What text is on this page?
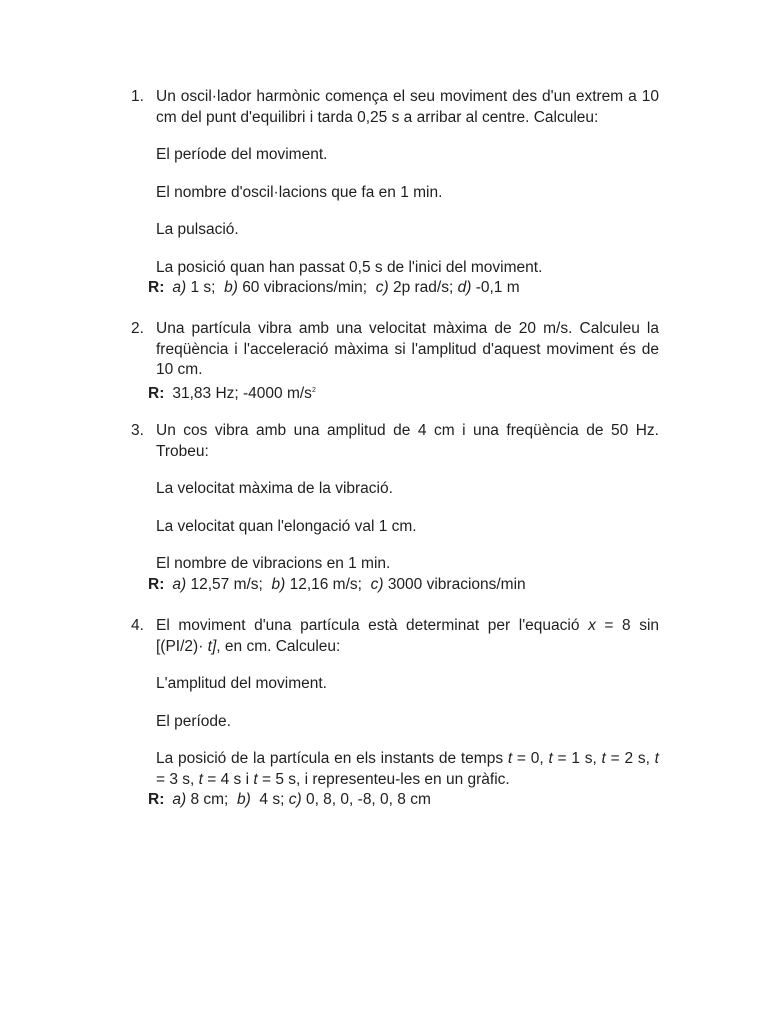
1. Un oscil·lador harmònic comença el seu moviment des d'un extrem a 10 cm del punt d'equilibri i tarda 0,25 s a arribar al centre. Calculeu:
El període del moviment.
El nombre d'oscil·lacions que fa en 1 min.
La pulsació.
La posició quan han passat 0,5 s de l'inici del moviment.
R: a) 1 s; b) 60 vibracions/min; c) 2p rad/s; d) -0,1 m
2. Una partícula vibra amb una velocitat màxima de 20 m/s. Calculeu la freqüència i l'acceleració màxima si l'amplitud d'aquest moviment és de 10 cm.
R: 31,83 Hz; -4000 $m/s^2$
3. Un cos vibra amb una amplitud de 4 cm i una freqüència de 50 Hz. Trobeu:
La velocitat màxima de la vibració.
La velocitat quan l'elongació val 1 cm.
El nombre de vibracions en 1 min.
R: a) 12,57 m/s; b) 12,16 m/s; c) 3000 vibracions/min
4. El moviment d'una partícula està determinat per l'equació x = 8 sin [(PI/2)· t], en cm. Calculeu:
L'amplitud del moviment.
El període.
La posició de la partícula en els instants de temps t = 0, t = 1 s, t = 2 s, t = 3 s, t = 4 s i t = 5 s, i representeu-les en un gràfic.
R: a) 8 cm; b) 4 s; c) 0, 8, 0, -8, 0, 8 cm
